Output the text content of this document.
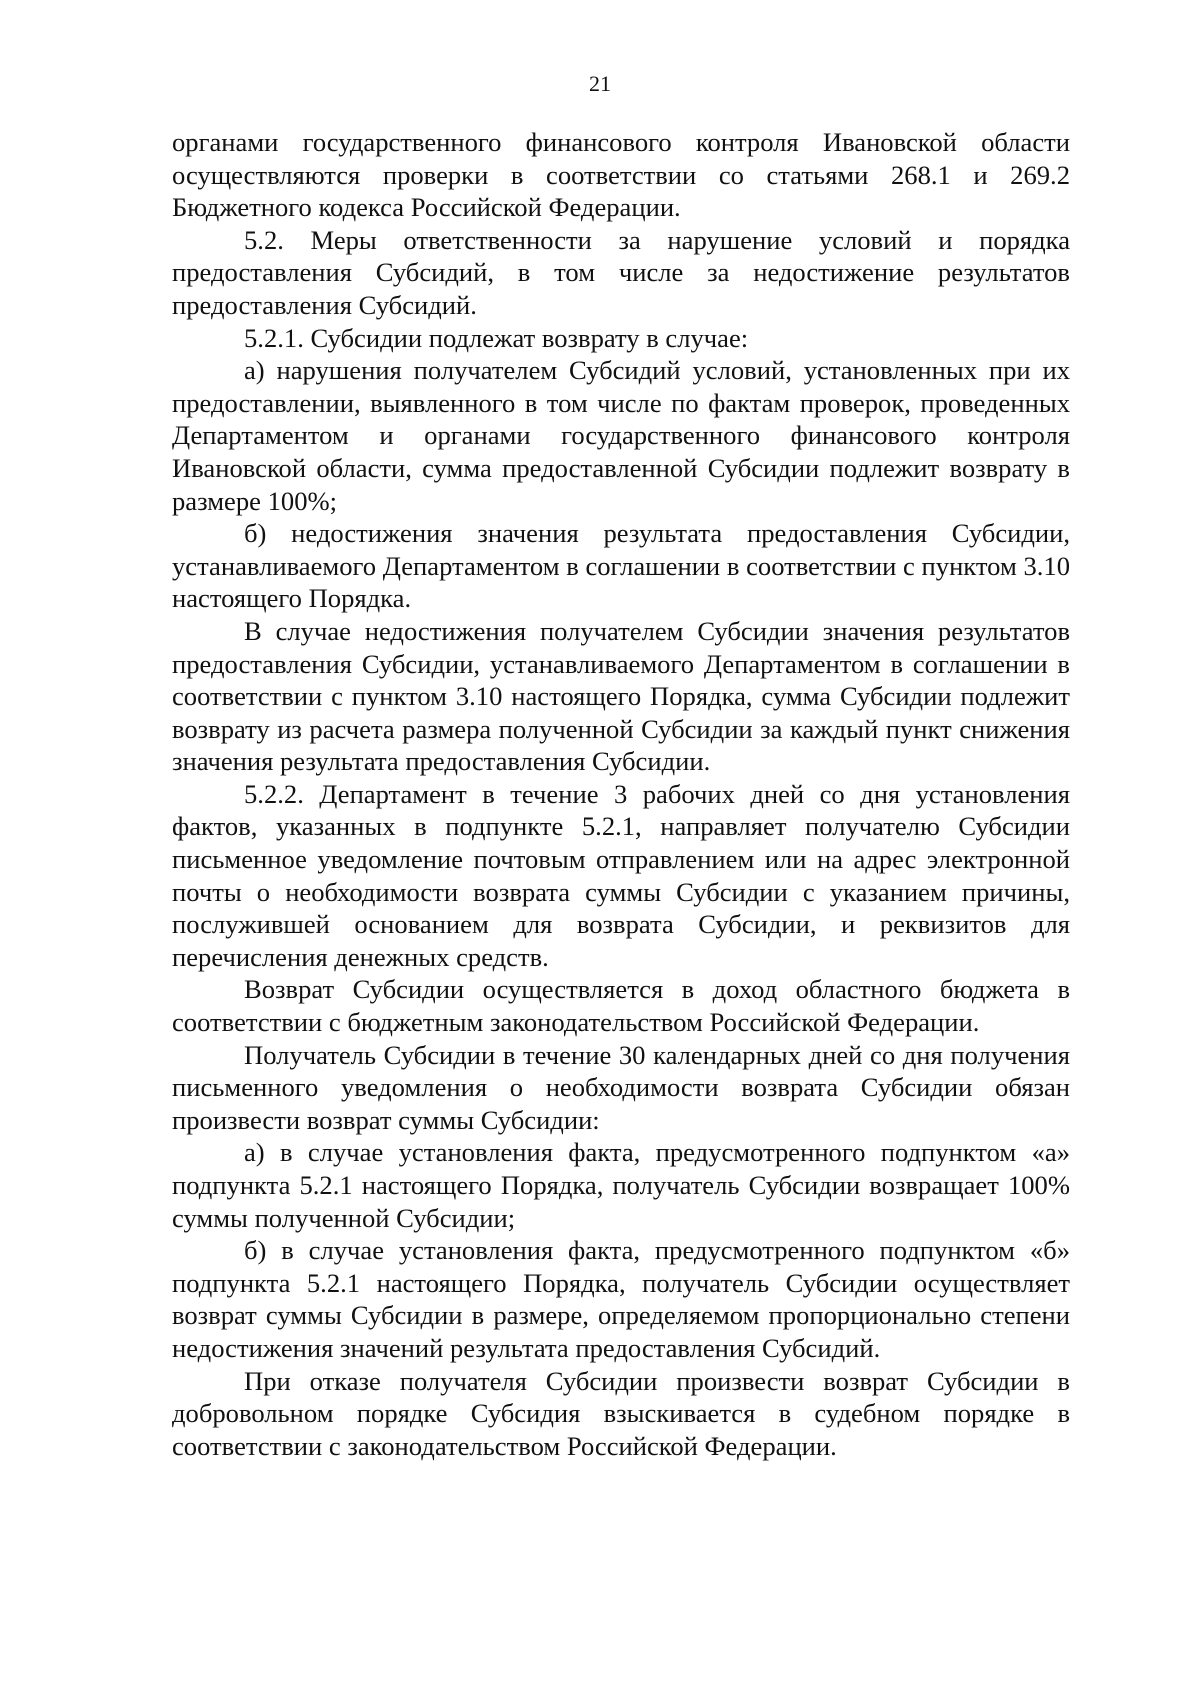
21

органами государственного финансового контроля Ивановской области осуществляются проверки в соответствии со статьями 268.1 и 269.2 Бюджетного кодекса Российской Федерации.

5.2. Меры ответственности за нарушение условий и порядка предоставления Субсидий, в том числе за недостижение результатов предоставления Субсидий.

5.2.1. Субсидии подлежат возврату в случае:

а) нарушения получателем Субсидий условий, установленных при их предоставлении, выявленного в том числе по фактам проверок, проведенных Департаментом и органами государственного финансового контроля Ивановской области, сумма предоставленной Субсидии подлежит возврату в размере 100%;

б) недостижения значения результата предоставления Субсидии, устанавливаемого Департаментом в соглашении в соответствии с пунктом 3.10 настоящего Порядка.

В случае недостижения получателем Субсидии значения результатов предоставления Субсидии, устанавливаемого Департаментом в соглашении в соответствии с пунктом 3.10 настоящего Порядка, сумма Субсидии подлежит возврату из расчета размера полученной Субсидии за каждый пункт снижения значения результата предоставления Субсидии.

5.2.2. Департамент в течение 3 рабочих дней со дня установления фактов, указанных в подпункте 5.2.1, направляет получателю Субсидии письменное уведомление почтовым отправлением или на адрес электронной почты о необходимости возврата суммы Субсидии с указанием причины, послужившей основанием для возврата Субсидии, и реквизитов для перечисления денежных средств.

Возврат Субсидии осуществляется в доход областного бюджета в соответствии с бюджетным законодательством Российской Федерации.

Получатель Субсидии в течение 30 календарных дней со дня получения письменного уведомления о необходимости возврата Субсидии обязан произвести возврат суммы Субсидии:

а) в случае установления факта, предусмотренного подпунктом «а» подпункта 5.2.1 настоящего Порядка, получатель Субсидии возвращает 100% суммы полученной Субсидии;

б) в случае установления факта, предусмотренного подпунктом «б» подпункта 5.2.1 настоящего Порядка, получатель Субсидии осуществляет возврат суммы Субсидии в размере, определяемом пропорционально степени недостижения значений результата предоставления Субсидий.

При отказе получателя Субсидии произвести возврат Субсидии в добровольном порядке Субсидия взыскивается в судебном порядке в соответствии с законодательством Российской Федерации.
